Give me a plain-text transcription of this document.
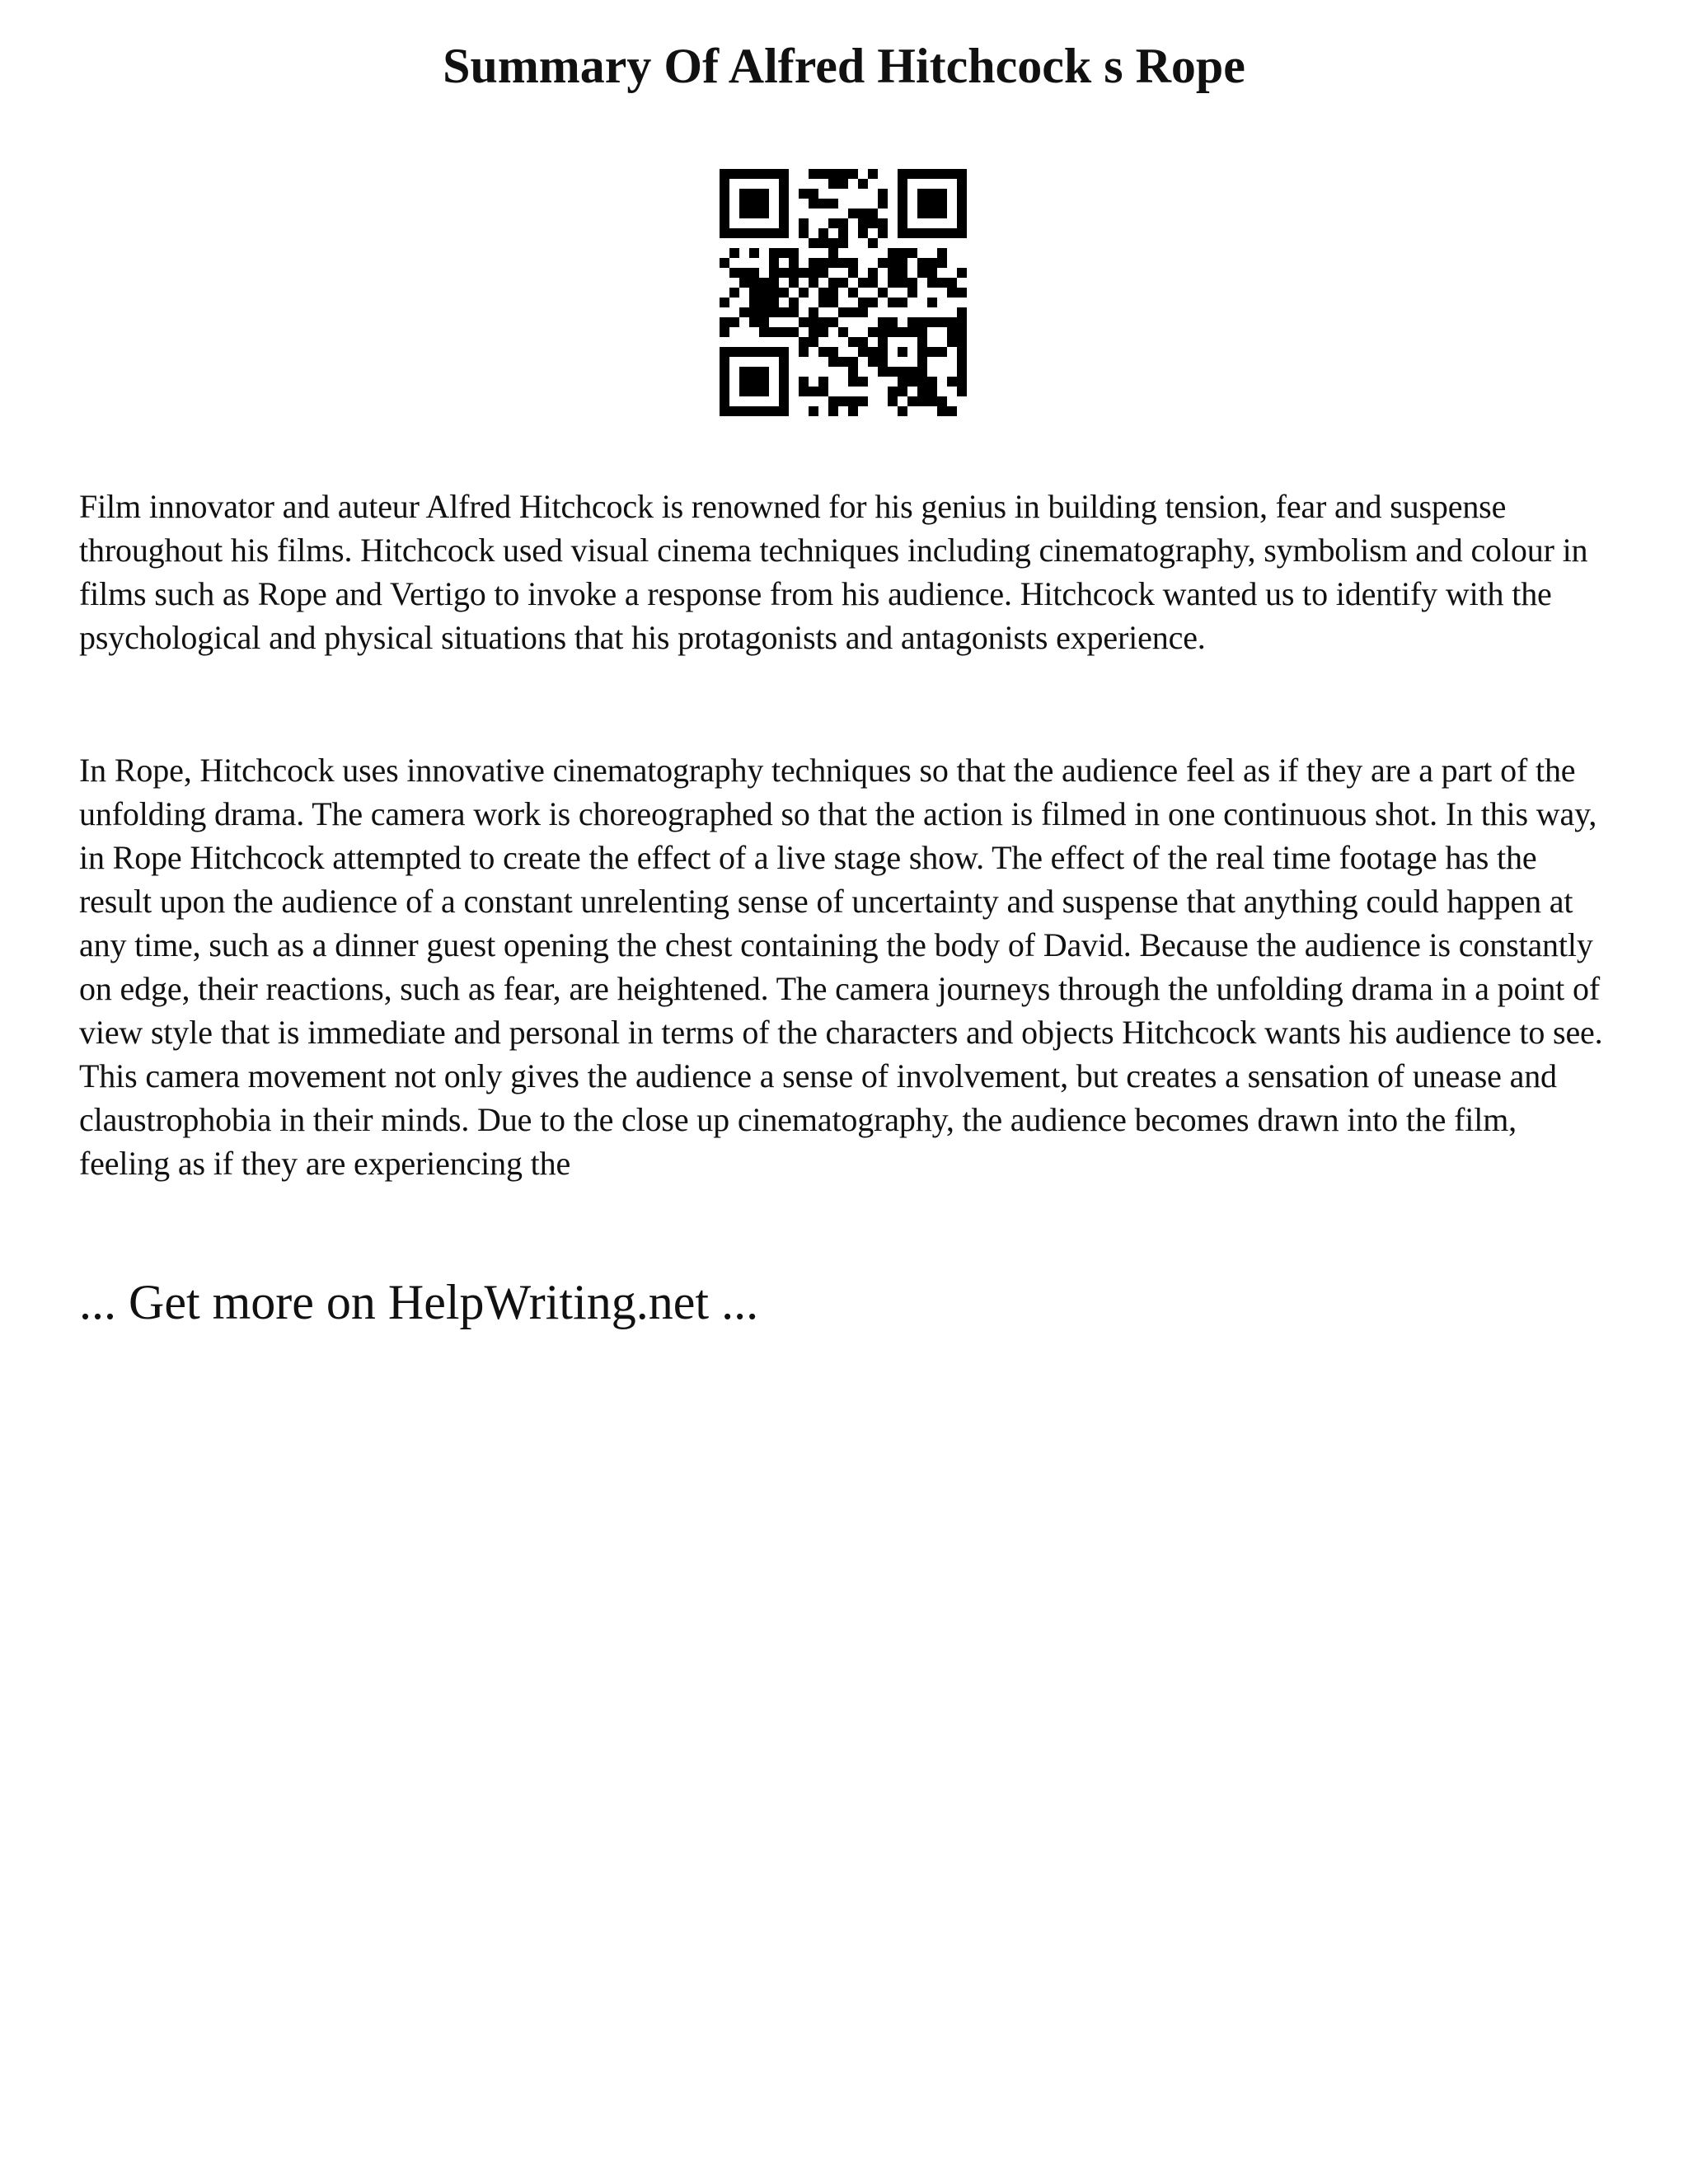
Summary Of Alfred Hitchcock s Rope

Film innovator and auteur Alfred Hitchcock is renowned for his genius in building tension, fear and suspense throughout his films. Hitchcock used visual cinema techniques including cinematography, symbolism and colour in films such as Rope and Vertigo to invoke a response from his audience. Hitchcock wanted us to identify with the psychological and physical situations that his protagonists and antagonists experience.

In Rope, Hitchcock uses innovative cinematography techniques so that the audience feel as if they are a part of the unfolding drama. The camera work is choreographed so that the action is filmed in one continuous shot. In this way, in Rope Hitchcock attempted to create the effect of a live stage show. The effect of the real time footage has the result upon the audience of a constant unrelenting sense of uncertainty and suspense that anything could happen at any time, such as a dinner guest opening the chest containing the body of David. Because the audience is constantly on edge, their reactions, such as fear, are heightened. The camera journeys through the unfolding drama in a point of view style that is immediate and personal in terms of the characters and objects Hitchcock wants his audience to see. This camera movement not only gives the audience a sense of involvement, but creates a sensation of unease and claustrophobia in their minds. Due to the close up cinematography, the audience becomes drawn into the film, feeling as if they are experiencing the

... Get more on HelpWriting.net ...
